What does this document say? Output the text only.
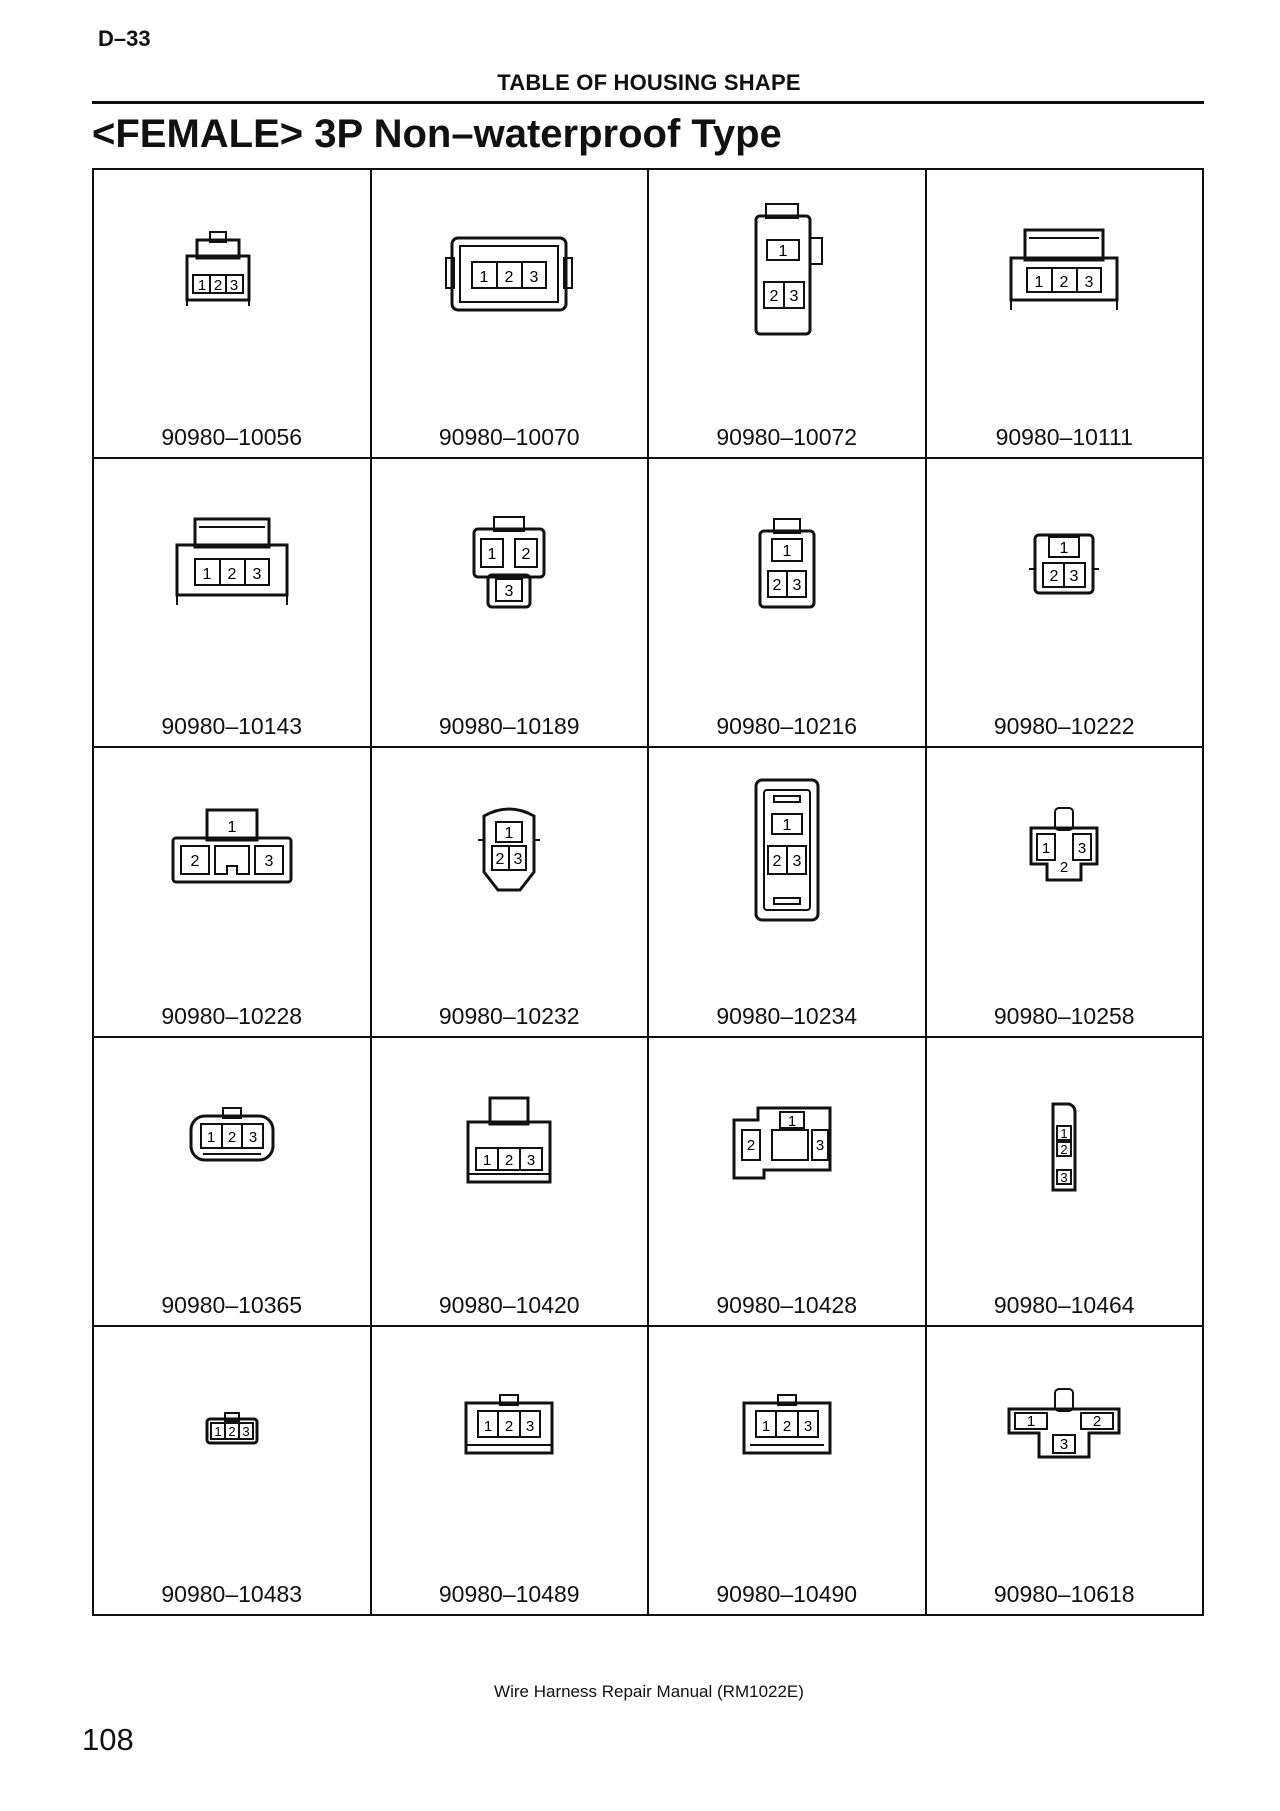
D–33
TABLE OF HOUSING SHAPE
<FEMALE> 3P Non–waterproof Type
1 2 3
90980–10056
1 2 3
90980–10070
1
2 3
90980–10072
1 2 3
90980–10111
1 2 3
90980–10143
1 2
3
90980–10189
1
2 3
90980–10216
1
2 3
90980–10222
1
2	3
90980–10228
1
2 3
90980–10232
1
2 3
90980–10234
1 3
2
90980–10258
1 2 3
90980–10365
1 2 3
90980–10420
1
2	3
90980–10428
1
2
3
90980–10464
1 2 3
90980–10483
1 2 3
90980–10489
1 2 3
90980–10490
1	2
3
90980–10618
Wire Harness Repair Manual (RM1022E)
108
